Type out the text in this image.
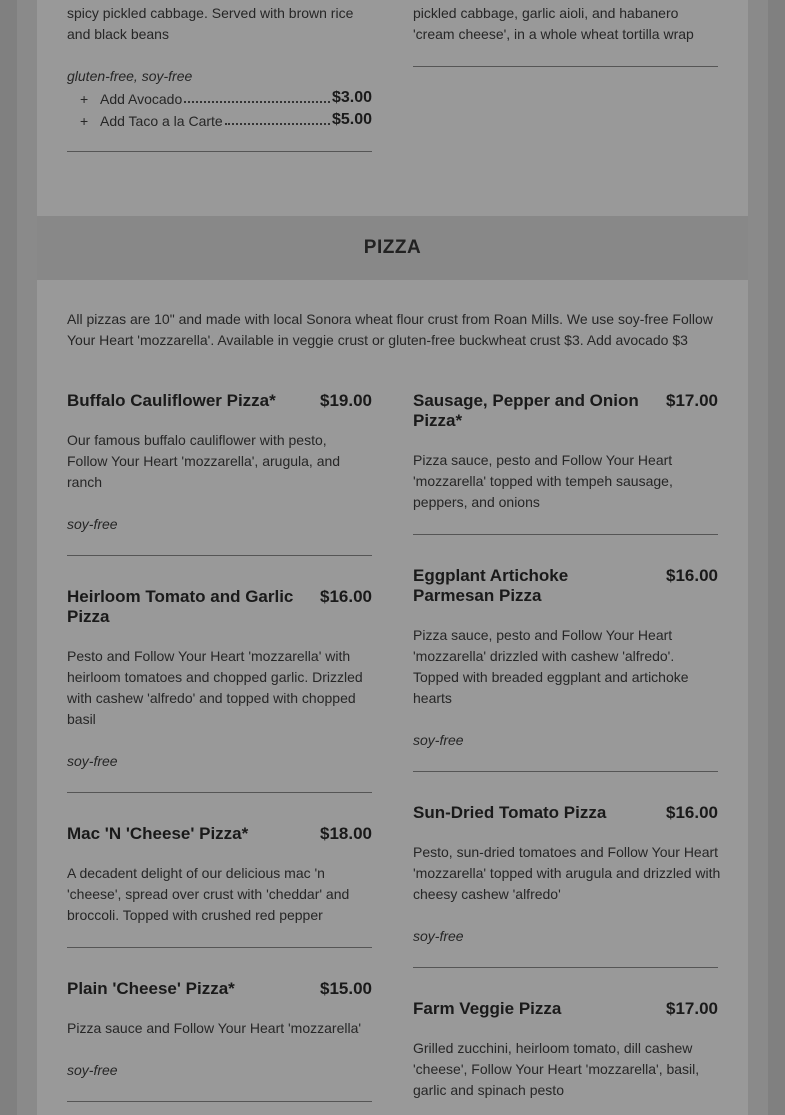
spicy pickled cabbage. Served with brown rice and black beans
gluten-free, soy-free
+ Add Avocado	$3.00
+ Add Taco a la Carte	$5.00
pickled cabbage, garlic aioli, and habanero 'cream cheese', in a whole wheat tortilla wrap
PIZZA
All pizzas are 10" and made with local Sonora wheat flour crust from Roan Mills. We use soy-free Follow Your Heart 'mozzarella'. Available in veggie crust or gluten-free buckwheat crust $3. Add avocado $3
Buffalo Cauliflower Pizza*	$19.00
Our famous buffalo cauliflower with pesto, Follow Your Heart 'mozzarella', arugula, and ranch
soy-free
Heirloom Tomato and Garlic Pizza
$16.00
Pesto and Follow Your Heart 'mozzarella' with heirloom tomatoes and chopped garlic. Drizzled with cashew 'alfredo' and topped with chopped basil
soy-free
Mac 'N 'Cheese' Pizza*	$18.00
A decadent delight of our delicious mac 'n 'cheese', spread over crust with 'cheddar' and broccoli. Topped with crushed red pepper
Plain 'Cheese' Pizza*	$15.00
Pizza sauce and Follow Your Heart 'mozzarella'
soy-free
Sausage, Pepper and Onion Pizza*
$17.00
Pizza sauce, pesto and Follow Your Heart 'mozzarella' topped with tempeh sausage, peppers, and onions
Eggplant Artichoke Parmesan Pizza
$16.00
Pizza sauce, pesto and Follow Your Heart 'mozzarella' drizzled with cashew 'alfredo'. Topped with breaded eggplant and artichoke hearts
soy-free
Sun-Dried Tomato Pizza	$16.00
Pesto, sun-dried tomatoes and Follow Your Heart 'mozzarella' topped with arugula and drizzled with cheesy cashew 'alfredo'
soy-free
Farm Veggie Pizza	$17.00
Grilled zucchini, heirloom tomato, dill cashew 'cheese', Follow Your Heart 'mozzarella', basil, garlic and spinach pesto
